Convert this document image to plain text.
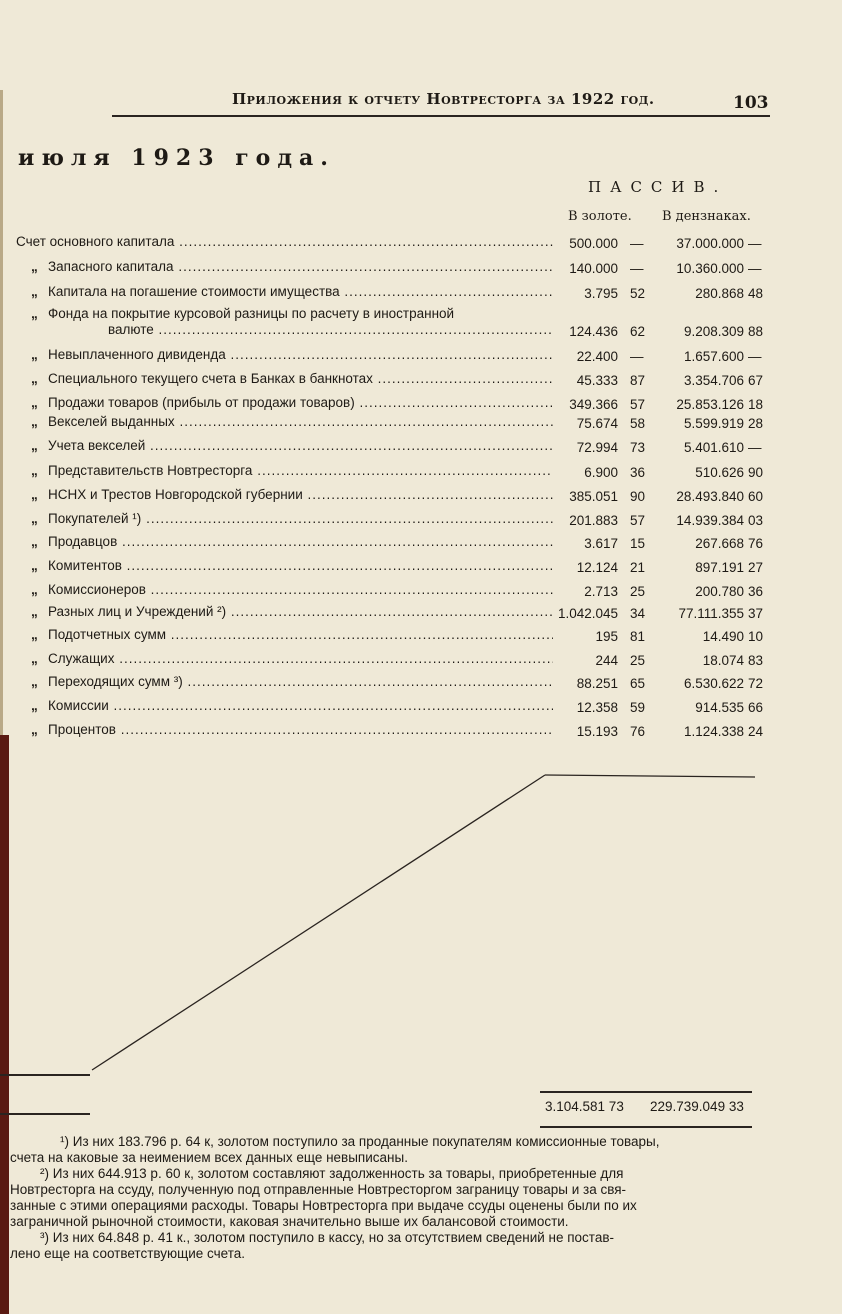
Приложения к отчету Новтресторга за 1922 год.	103
июля 1923 года.
ПАССИВ.
В золоте. В дензнаках.
Счет основного капитала .....	500.000 —	37.000.000 —
„ Запасного капитала .....	140.000 —	10.360.000 —
„ Капитала на погашение стоимости имущества .....	3.795 52	280.868 48
„ Фонда на покрытие курсовой разницы по расчету в иностранной
валюте .....	124.436 62	9.208.309 88
„ Невыплаченного дивиденда .....	22.400 —	1.657.600 —
„ Специального текущего счета в Банках в банкнотах .....	45.333 87	3.354.706 67
„ Продажи товаров (прибыль от продажи товаров) .....	349.366 57	25.853.126 18
„ Векселей выданных .....	75.674 58	5.599.919 28
„ Учета векселей .....	72.994 73	5.401.610 —
„ Представительств Новтресторга .....	6.900 36	510.626 90
„ НСНХ и Трестов Новгородской губернии .....	385.051 90	28.493.840 60
„ Покупателей ¹) .....	201.883 57	14.939.384 03
„ Продавцов .....	3.617 15	267.668 76
„ Комитентов .....	12.124 21	897.191 27
„ Комиссионеров .....	2.713 25	200.780 36
„ Разных лиц и Учреждений ²) .....	1.042.045 34	77.111.355 37
„ Подотчетных сумм .....	195 81	14.490 10
„ Служащих .....	244 25	18.074 83
„ Переходящих сумм ³) .....	88.251 65	6.530.622 72
„ Комиссии .....	12.358 59	914.535 66
„ Процентов .....	15.193 76	1.124.338 24
3.104.581 73 229.739.049 33
¹) Из них 183.796 р. 64 к, золотом поступило за проданные покупателям комиссионные товары,
счета на каковые за неимением всех данных еще невыписаны.
²) Из них 644.913 р. 60 к, золотом составляют задолженность за товары, приобретенные для
Новтресторга на ссуду, полученную под отправленные Новтресторгом заграницу товары и за свя-
занные с этими операциями расходы. Товары Новтресторга при выдаче ссуды оценены были по их
заграничной рыночной стоимости, каковая значительно выше их балансовой стоимости.
³) Из них 64.848 р. 41 к., золотом поступило в кассу, но за отсутствием сведений не постав-
лено еще на соответствующие счета.
